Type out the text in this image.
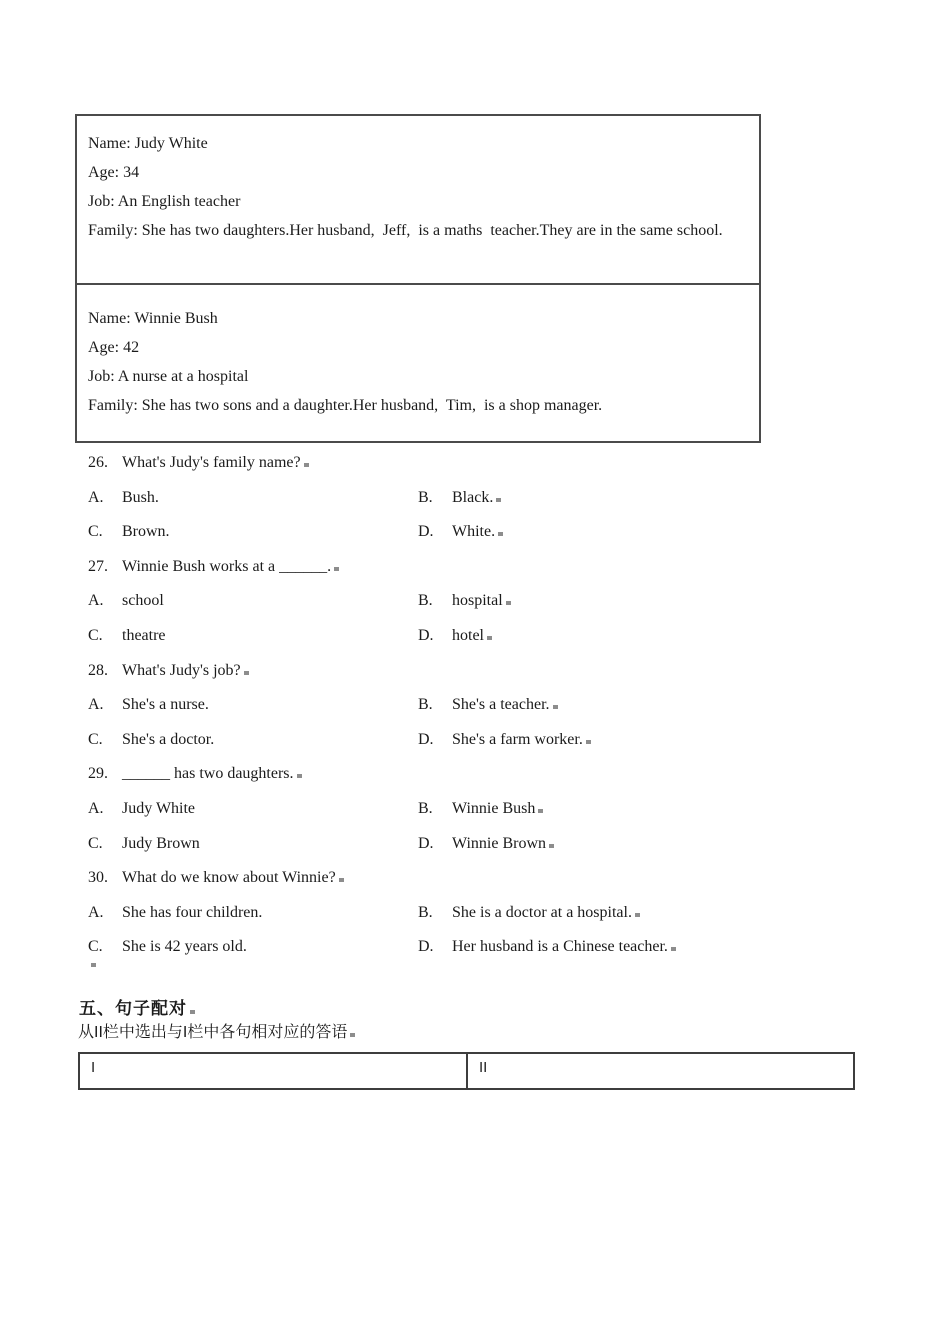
Name: Judy White

Age: 34

Job: An English teacher

Family: She has two daughters.Her husband,  Jeff,  is a maths  teacher.They are in the same school.

Name: Winnie Bush

Age: 42

Job: A nurse at a hospital

Family: She has two sons and a daughter.Her husband,  Tim,  is a shop manager.

26. What's Judy's family name?
A. Bush.	B. Black.
C. Brown.	D. White.
27. Winnie Bush works at a ______.
A. school	B. hospital
C. theatre	D. hotel
28. What's Judy's job?
A. She's a nurse.	B. She's a teacher.
C. She's a doctor.	D. She's a farm worker.
29. ______ has two daughters.
A. Judy White	B. Winnie Bush
C. Judy Brown	D. Winnie Brown
30. What do we know about Winnie?
A. She has four children.	B. She is a doctor at a hospital.
C. She is 42 years old.	D. Her husband is a Chinese teacher.
五、句子配对
从II栏中选出与I栏中各句相对应的答语
I	II
